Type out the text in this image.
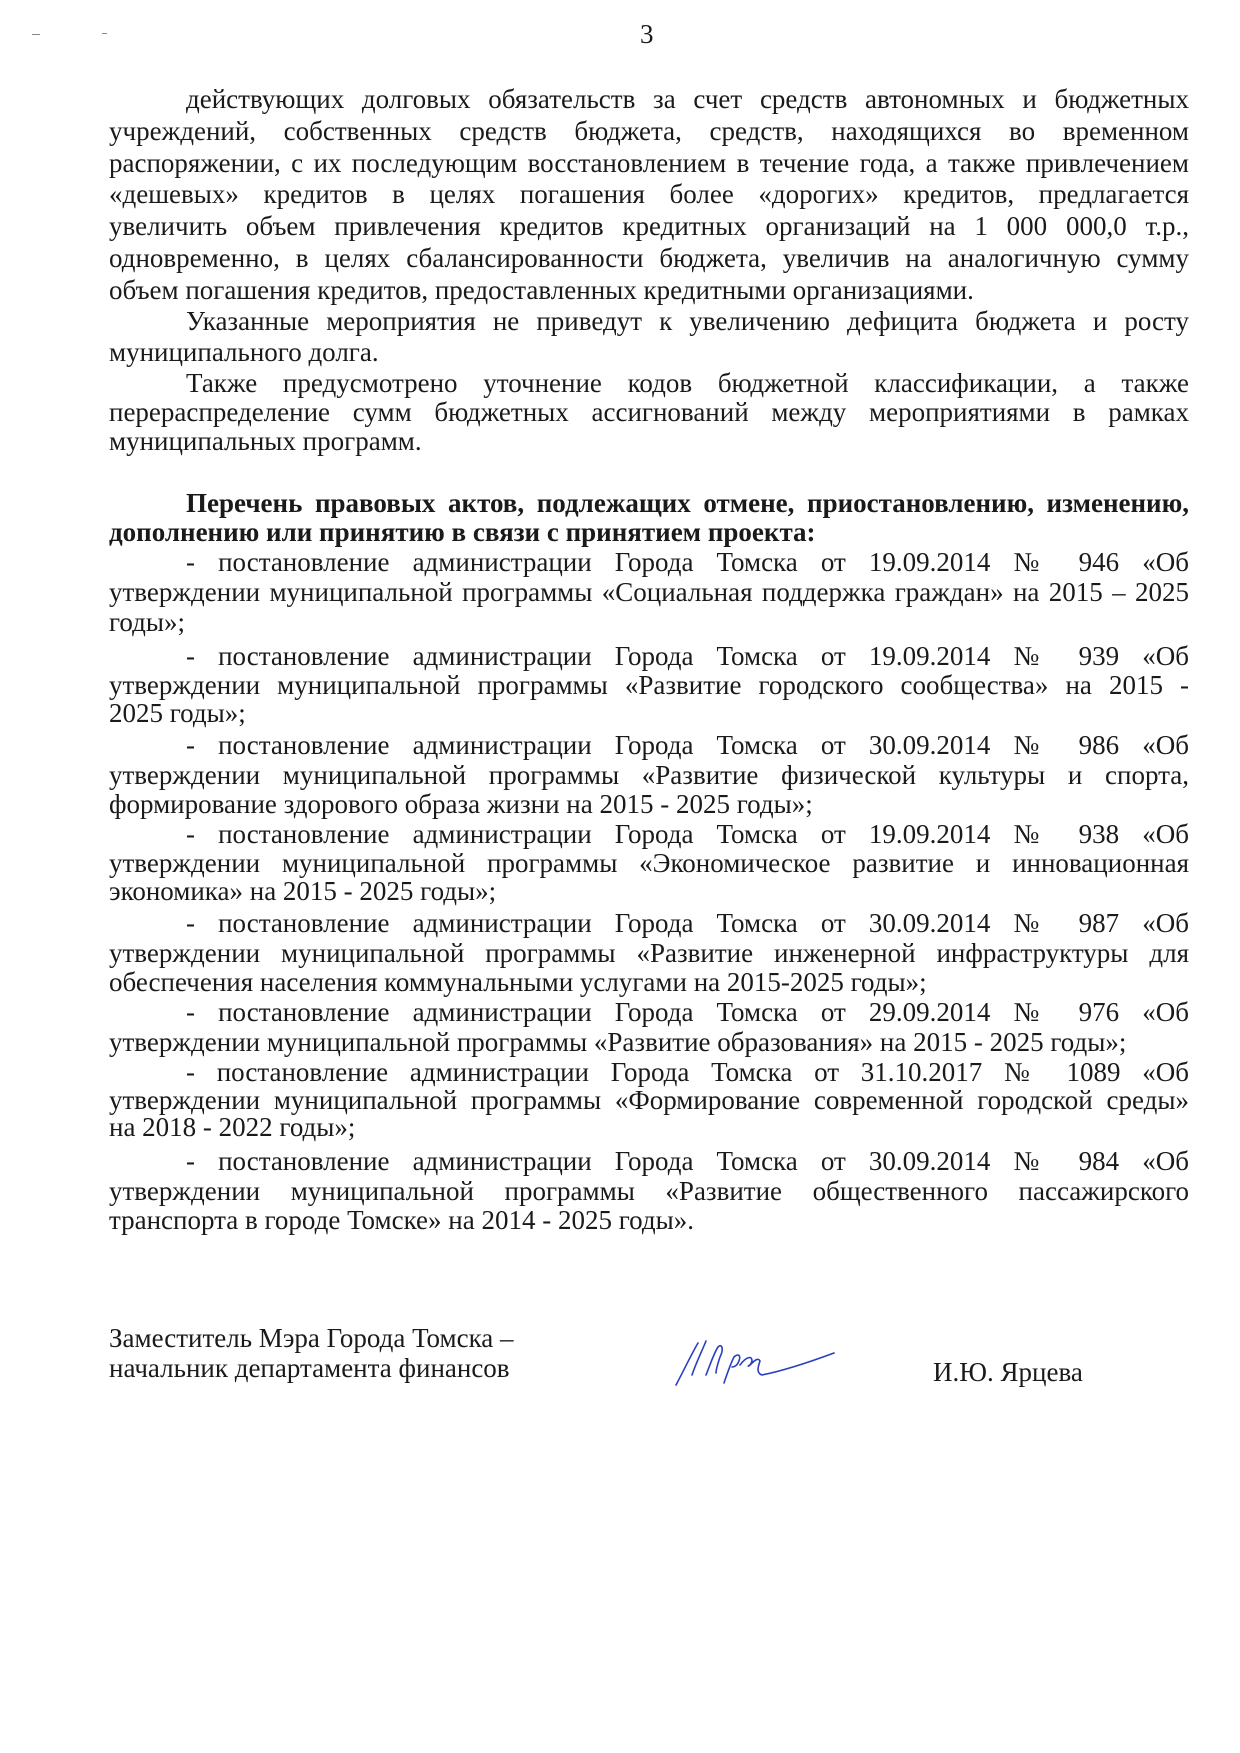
3
действующих долговых обязательств за счет средств автономных и бюджетных
учреждений, собственных средств бюджета, средств, находящихся во временном
распоряжении, с их последующим восстановлением в течение года, а также привлечением
«дешевых» кредитов в целях погашения более «дорогих» кредитов, предлагается
увеличить объем привлечения кредитов кредитных организаций на 1 000 000,0 т.р.,
одновременно, в целях сбалансированности бюджета, увеличив на аналогичную сумму
объем погашения кредитов, предоставленных кредитными организациями.
Указанные мероприятия не приведут к увеличению дефицита бюджета и росту
муниципального долга.
Также предусмотрено уточнение кодов бюджетной классификации, а также
перераспределение сумм бюджетных ассигнований между мероприятиями в рамках
муниципальных программ.
Перечень правовых актов, подлежащих отмене, приостановлению, изменению,
дополнению или принятию в связи с принятием проекта:
- постановление администрации Города Томска от 19.09.2014 № 946 «Об
утверждении муниципальной программы «Социальная поддержка граждан» на 2015 – 2025
годы»;
- постановление администрации Города Томска от 19.09.2014 № 939 «Об
утверждении муниципальной программы «Развитие городского сообщества» на 2015 -
2025 годы»;
- постановление администрации Города Томска от 30.09.2014 № 986 «Об
утверждении муниципальной программы «Развитие физической культуры и спорта,
формирование здорового образа жизни на 2015 - 2025 годы»;
- постановление администрации Города Томска от 19.09.2014 № 938 «Об
утверждении муниципальной программы «Экономическое развитие и инновационная
экономика» на 2015 - 2025 годы»;
- постановление администрации Города Томска от 30.09.2014 № 987 «Об
утверждении муниципальной программы «Развитие инженерной инфраструктуры для
обеспечения населения коммунальными услугами на 2015-2025 годы»;
- постановление администрации Города Томска от 29.09.2014 № 976 «Об
утверждении муниципальной программы «Развитие образования» на 2015 - 2025 годы»;
- постановление администрации Города Томска от 31.10.2017 № 1089 «Об
утверждении муниципальной программы «Формирование современной городской среды»
на 2018 - 2022 годы»;
- постановление администрации Города Томска от 30.09.2014 № 984 «Об
утверждении муниципальной программы «Развитие общественного пассажирского
транспорта в городе Томске» на 2014 - 2025 годы».
Заместитель Мэра Города Томска –
начальник департамента финансов	И.Ю. Ярцева
